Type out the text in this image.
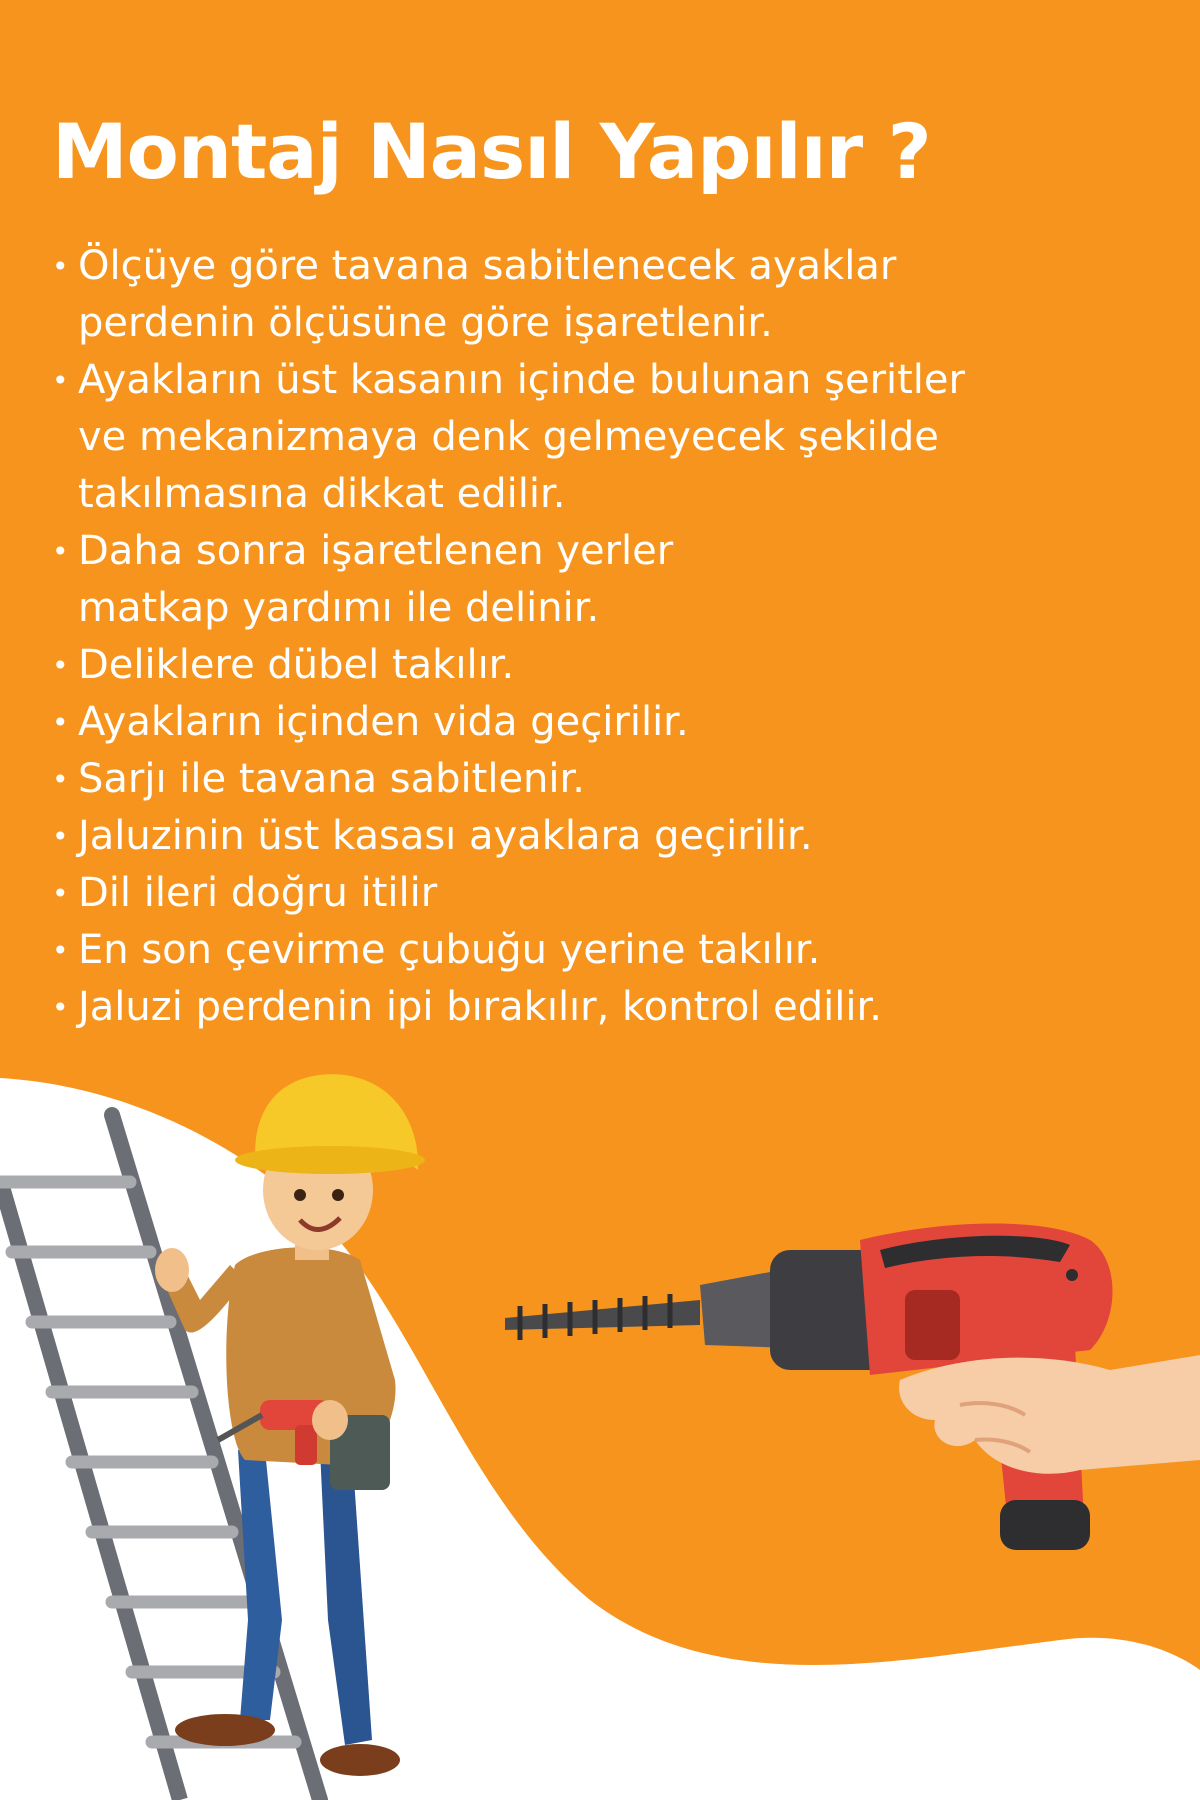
Montaj Nasıl Yapılır ?
• Ölçüye göre tavana sabitlenecek ayaklar
perdenin ölçüsüne göre işaretlenir.
• Ayakların üst kasanın içinde bulunan şeritler
ve mekanizmaya denk gelmeyecek şekilde
takılmasına dikkat edilir.
• Daha sonra işaretlenen yerler
matkap yardımı ile delinir.
• Deliklere dübel takılır.
• Ayakların içinden vida geçirilir.
• Sarjı ile tavana sabitlenir.
• Jaluzinin üst kasası ayaklara geçirilir.
• Dil ileri doğru itilir
• En son çevirme çubuğu yerine takılır.
• Jaluzi perdenin ipi bırakılır, kontrol edilir.
